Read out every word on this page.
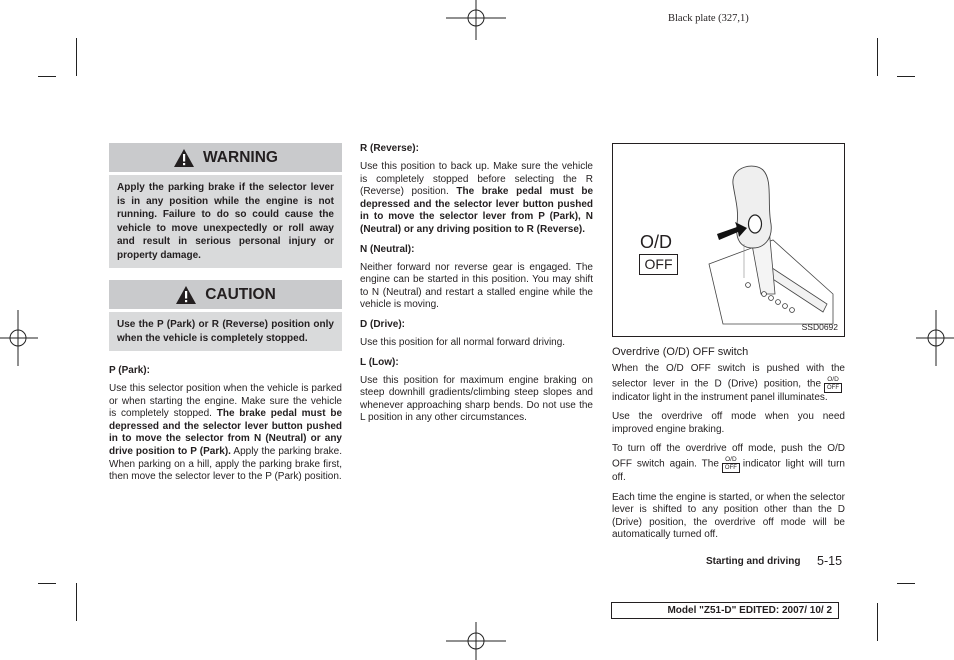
Black plate (327,1)
WARNING
Apply the parking brake if the selector lever is in any position while the engine is not running. Failure to do so could cause the vehicle to move unexpectedly or roll away and result in serious personal injury or property damage.
CAUTION
Use the P (Park) or R (Reverse) position only when the vehicle is completely stopped.
P (Park):
Use this selector position when the vehicle is parked or when starting the engine. Make sure the vehicle is completely stopped. The brake pedal must be depressed and the selector lever button pushed in to move the selector from N (Neutral) or any drive position to P (Park). Apply the parking brake. When parking on a hill, apply the parking brake first, then move the selector lever to the P (Park) position.
R (Reverse):
Use this position to back up. Make sure the vehicle is completely stopped before selecting the R (Reverse) position. The brake pedal must be depressed and the selector lever button pushed in to move the selector lever from P (Park), N (Neutral) or any driving position to R (Reverse).
N (Neutral):
Neither forward nor reverse gear is engaged. The engine can be started in this position. You may shift to N (Neutral) and restart a stalled engine while the vehicle is moving.
D (Drive):
Use this position for all normal forward driving.
L (Low):
Use this position for maximum engine braking on steep downhill gradients/climbing steep slopes and whenever approaching sharp bends. Do not use the L position in any other circumstances.
O/D
OFF
SSD0692
Overdrive (O/D) OFF switch
When the O/D OFF switch is pushed with the selector lever in the D (Drive) position, the O/D
OFF
indicator light in the instrument panel illuminates.
Use the overdrive off mode when you need improved engine braking.
To turn off the overdrive off mode, push the O/D OFF switch again. The O/D
OFF indicator light will turn off.
Each time the engine is started, or when the selector lever is shifted to any position other than the D (Drive) position, the overdrive off mode will be automatically turned off.
Starting and driving 5-15
Model "Z51-D" EDITED: 2007/ 10/ 2
